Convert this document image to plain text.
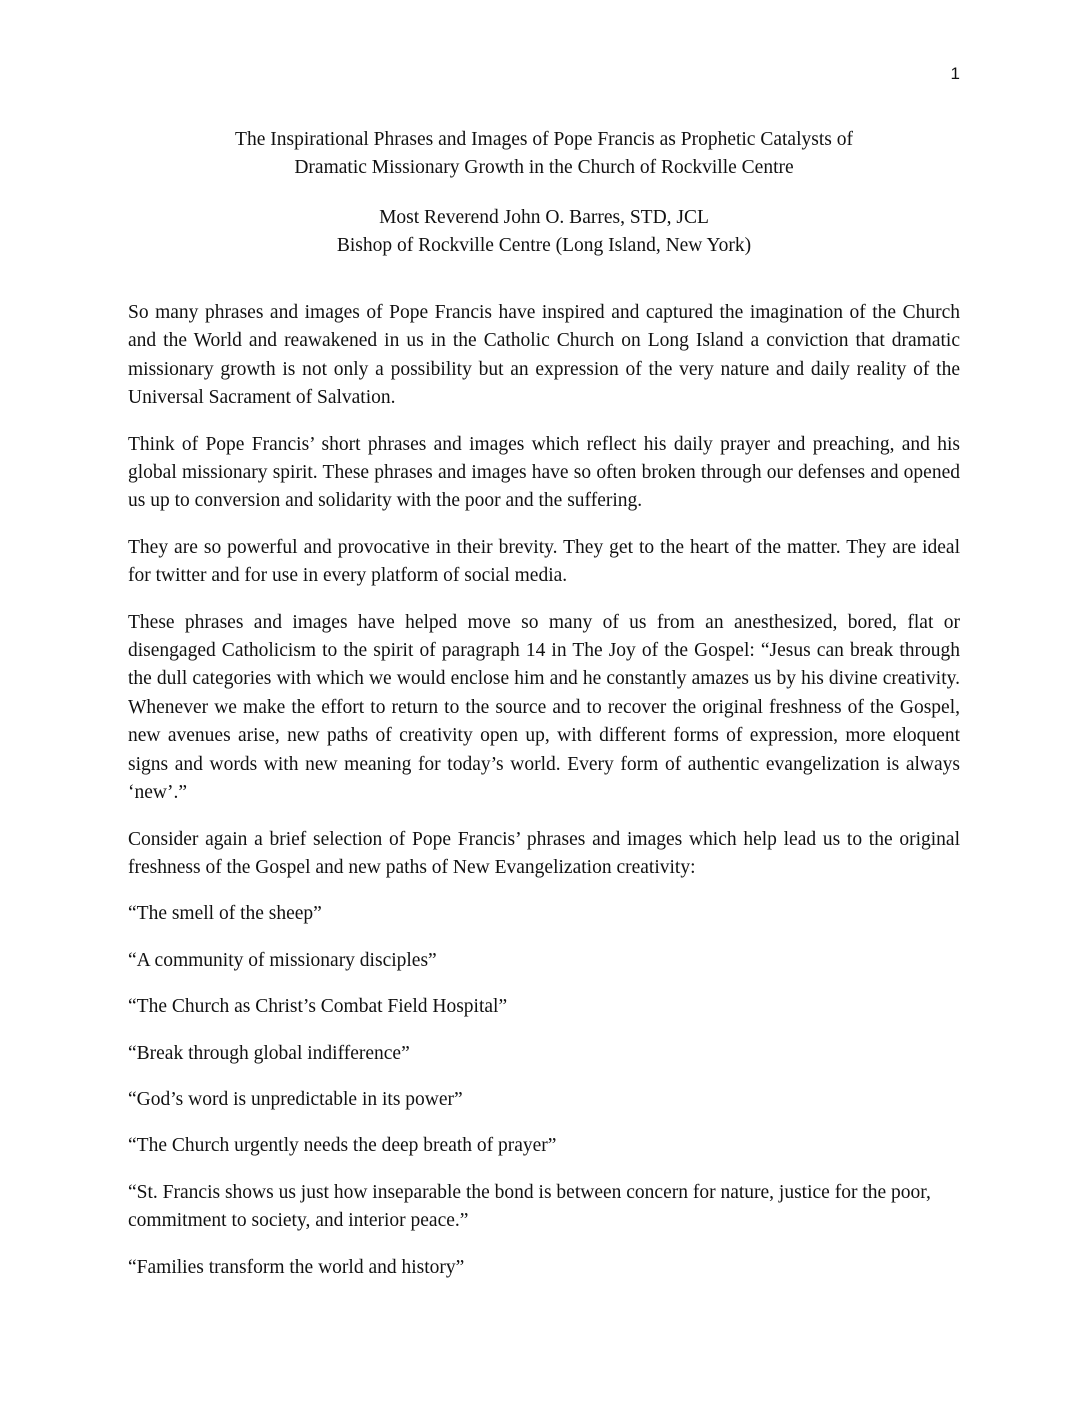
1
The Inspirational Phrases and Images of Pope Francis as Prophetic Catalysts of
Dramatic Missionary Growth in the Church of Rockville Centre
Most Reverend John O. Barres, STD, JCL
Bishop of Rockville Centre (Long Island, New York)

So many phrases and images of Pope Francis have inspired and captured the imagination of the Church and the World and reawakened in us in the Catholic Church on Long Island a conviction that dramatic missionary growth is not only a possibility but an expression of the very nature and daily reality of the Universal Sacrament of Salvation.

Think of Pope Francis’ short phrases and images which reflect his daily prayer and preaching, and his global missionary spirit. These phrases and images have so often broken through our defenses and opened us up to conversion and solidarity with the poor and the suffering.

They are so powerful and provocative in their brevity. They get to the heart of the matter. They are ideal for twitter and for use in every platform of social media.

These phrases and images have helped move so many of us from an anesthesized, bored, flat or disengaged Catholicism to the spirit of paragraph 14 in The Joy of the Gospel: “Jesus can break through the dull categories with which we would enclose him and he constantly amazes us by his divine creativity. Whenever we make the effort to return to the source and to recover the original freshness of the Gospel, new avenues arise, new paths of creativity open up, with different forms of expression, more eloquent signs and words with new meaning for today’s world. Every form of authentic evangelization is always ‘new’.”

Consider again a brief selection of Pope Francis’ phrases and images which help lead us to the original freshness of the Gospel and new paths of New Evangelization creativity:

“The smell of the sheep”

“A community of missionary disciples”

“The Church as Christ’s Combat Field Hospital”

“Break through global indifference”

“God’s word is unpredictable in its power”

“The Church urgently needs the deep breath of prayer”

“St. Francis shows us just how inseparable the bond is between concern for nature, justice for the poor, commitment to society, and interior peace.”

“Families transform the world and history”
